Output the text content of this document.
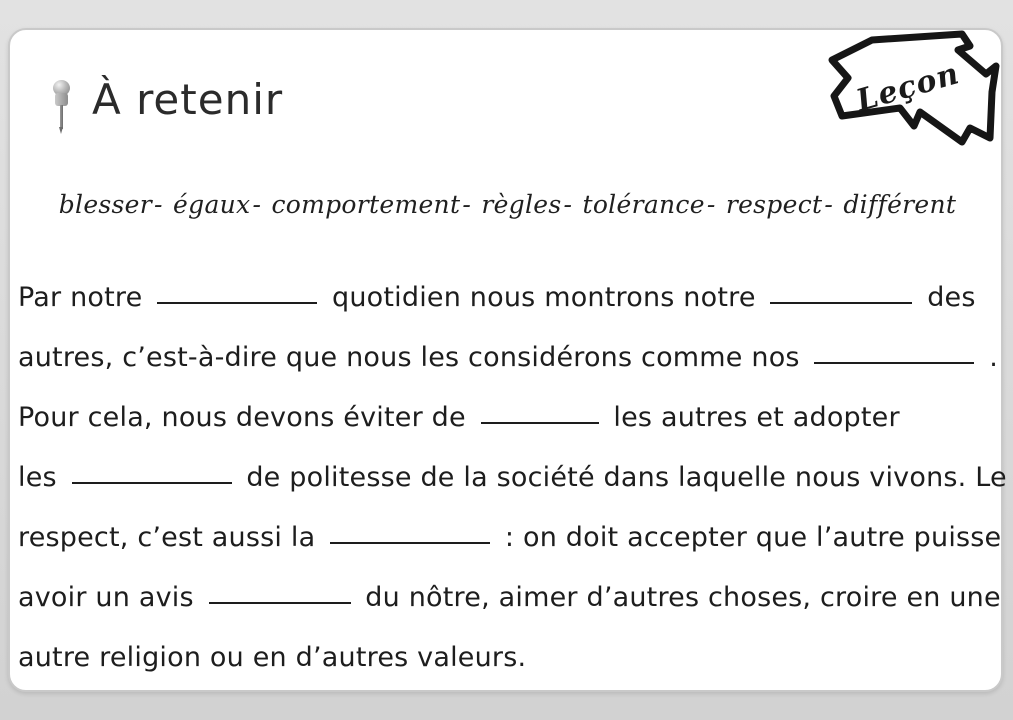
À retenir	Leçon
blesser- égaux- comportement- règles- tolérance- respect- différent
Par notre	quotidien nous montrons notre	des
autres, c’est-à-dire que nous les considérons comme nos	.
Pour cela, nous devons éviter de	les autres et adopter
les	de politesse de la société dans laquelle nous vivons. Le
respect, c’est aussi la	: on doit accepter que l’autre puisse
avoir un avis	du nôtre, aimer d’autres choses, croire en une
autre religion ou en d’autres valeurs.
